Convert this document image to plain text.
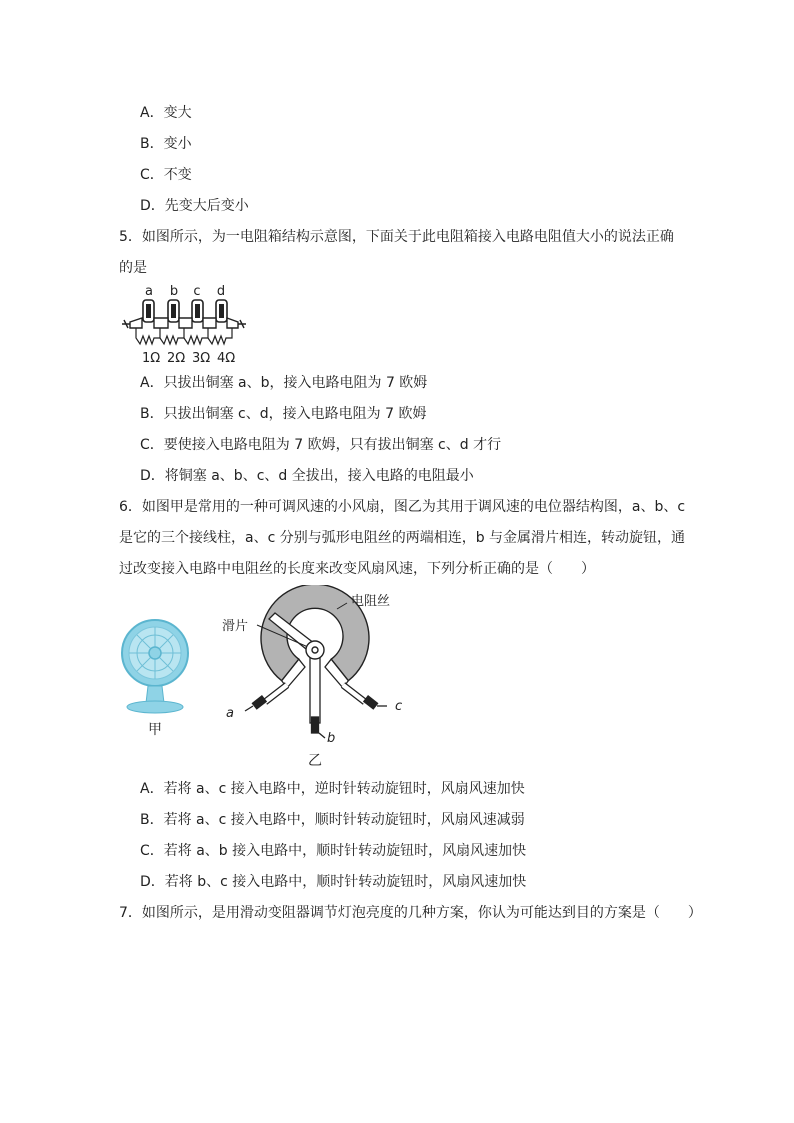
A．变大
B．变小
C．不变
D．先变大后变小
5．如图所示，为一电阻箱结构示意图，下面关于此电阻箱接入电路电阻值大小的说法正确
的是
a b c d
1Ω 2Ω 3Ω 4Ω
A．只拔出铜塞 a、b，接入电路电阻为 7 欧姆
B．只拔出铜塞 c、d，接入电路电阻为 7 欧姆
C．要使接入电路电阻为 7 欧姆，只有拔出铜塞 c、d 才行
D．将铜塞 a、b、c、d 全拔出，接入电路的电阻最小
6．如图甲是常用的一种可调风速的小风扇，图乙为其用于调风速的电位器结构图，a、b、c
是它的三个接线柱，a、c 分别与弧形电阻丝的两端相连，b 与金属滑片相连，转动旋钮，通
过改变接入电路中电阻丝的长度来改变风扇风速，下列分析正确的是（　　）
甲
电阻丝
滑片
a
b
c
乙
A．若将 a、c 接入电路中，逆时针转动旋钮时，风扇风速加快
B．若将 a、c 接入电路中，顺时针转动旋钮时，风扇风速减弱
C．若将 a、b 接入电路中，顺时针转动旋钮时，风扇风速加快
D．若将 b、c 接入电路中，顺时针转动旋钮时，风扇风速加快
7．如图所示，是用滑动变阻器调节灯泡亮度的几种方案，你认为可能达到目的方案是（　　）
